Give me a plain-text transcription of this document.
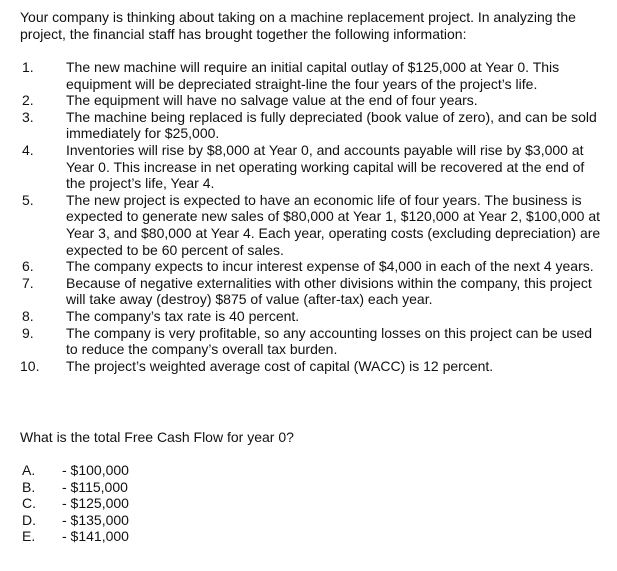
Your company is thinking about taking on a machine replacement project. In analyzing the project, the financial staff has brought together the following information:

1.	The new machine will require an initial capital outlay of $125,000 at Year 0. This equipment will be depreciated straight-line the four years of the project’s life.
2.	The equipment will have no salvage value at the end of four years.
3.	The machine being replaced is fully depreciated (book value of zero), and can be sold immediately for $25,000.
4.	Inventories will rise by $8,000 at Year 0, and accounts payable will rise by $3,000 at Year 0. This increase in net operating working capital will be recovered at the end of the project’s life, Year 4.
5.	The new project is expected to have an economic life of four years. The business is expected to generate new sales of $80,000 at Year 1, $120,000 at Year 2, $100,000 at Year 3, and $80,000 at Year 4. Each year, operating costs (excluding depreciation) are expected to be 60 percent of sales.
6.	The company expects to incur interest expense of $4,000 in each of the next 4 years.
7.	Because of negative externalities with other divisions within the company, this project will take away (destroy) $875 of value (after-tax) each year.
8.	The company’s tax rate is 40 percent.
9.	The company is very profitable, so any accounting losses on this project can be used to reduce the company’s overall tax burden.
10.	The project’s weighted average cost of capital (WACC) is 12 percent.

What is the total Free Cash Flow for year 0?

A.	- $100,000
B.	- $115,000
C.	- $125,000
D.	- $135,000
E.	- $141,000
